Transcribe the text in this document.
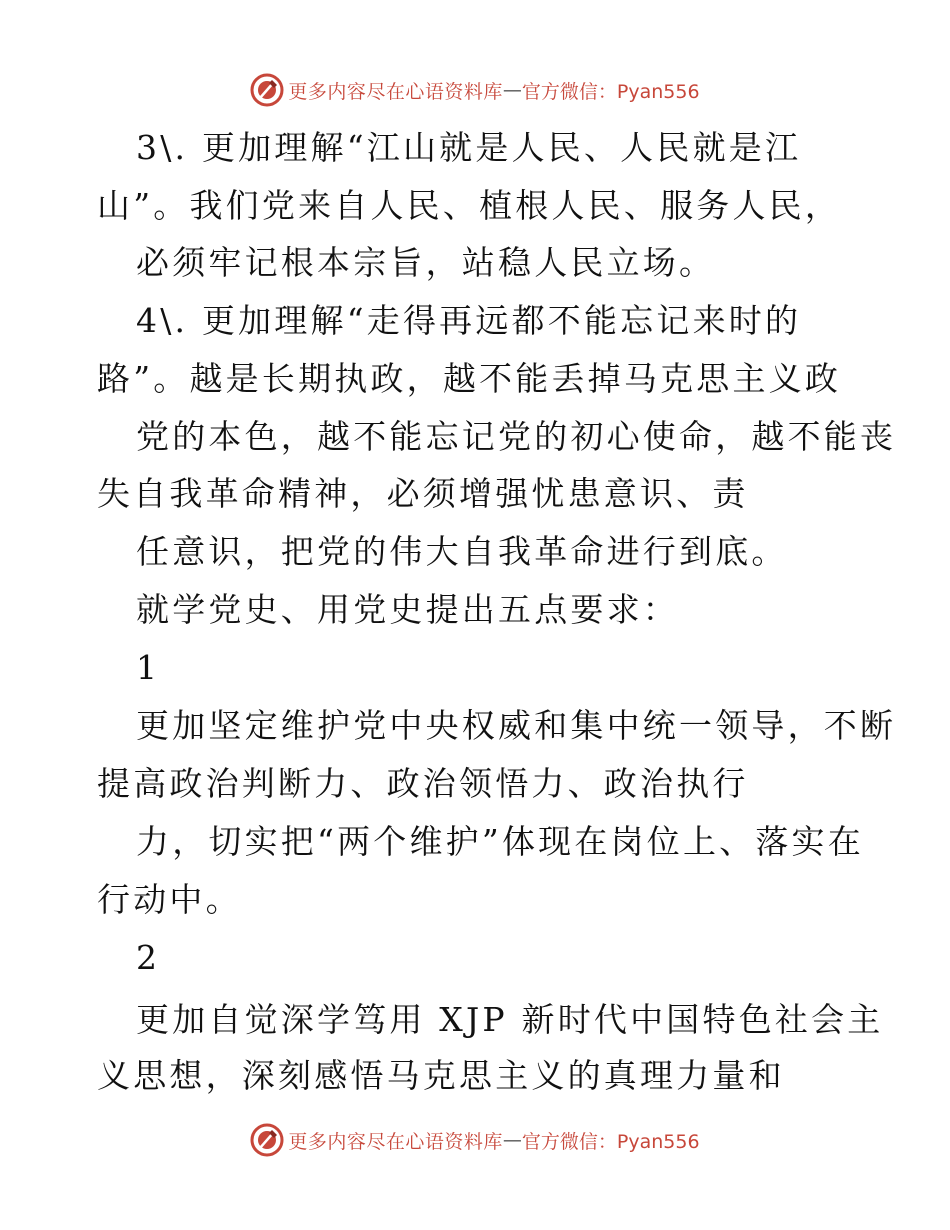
更多内容尽在心语资料库 — 官方微信：Pyan556
3\. 更加理解“江山就是人民、人民就是江
山”。我们党来自人民、植根人民、服务人民，
必须牢记根本宗旨，站稳人民立场。
4\. 更加理解“走得再远都不能忘记来时的
路”。越是长期执政，越不能丢掉马克思主义政
党的本色，越不能忘记党的初心使命，越不能丧
失自我革命精神，必须增强忧患意识、责
任意识，把党的伟大自我革命进行到底。
就学党史、用党史提出五点要求：
1
更加坚定维护党中央权威和集中统一领导，不断
提高政治判断力、政治领悟力、政治执行
力，切实把“两个维护”体现在岗位上、落实在
行动中。
2
更加自觉深学笃用 XJP 新时代中国特色社会主
义思想，深刻感悟马克思主义的真理力量和
更多内容尽在心语资料库 — 官方微信：Pyan556
